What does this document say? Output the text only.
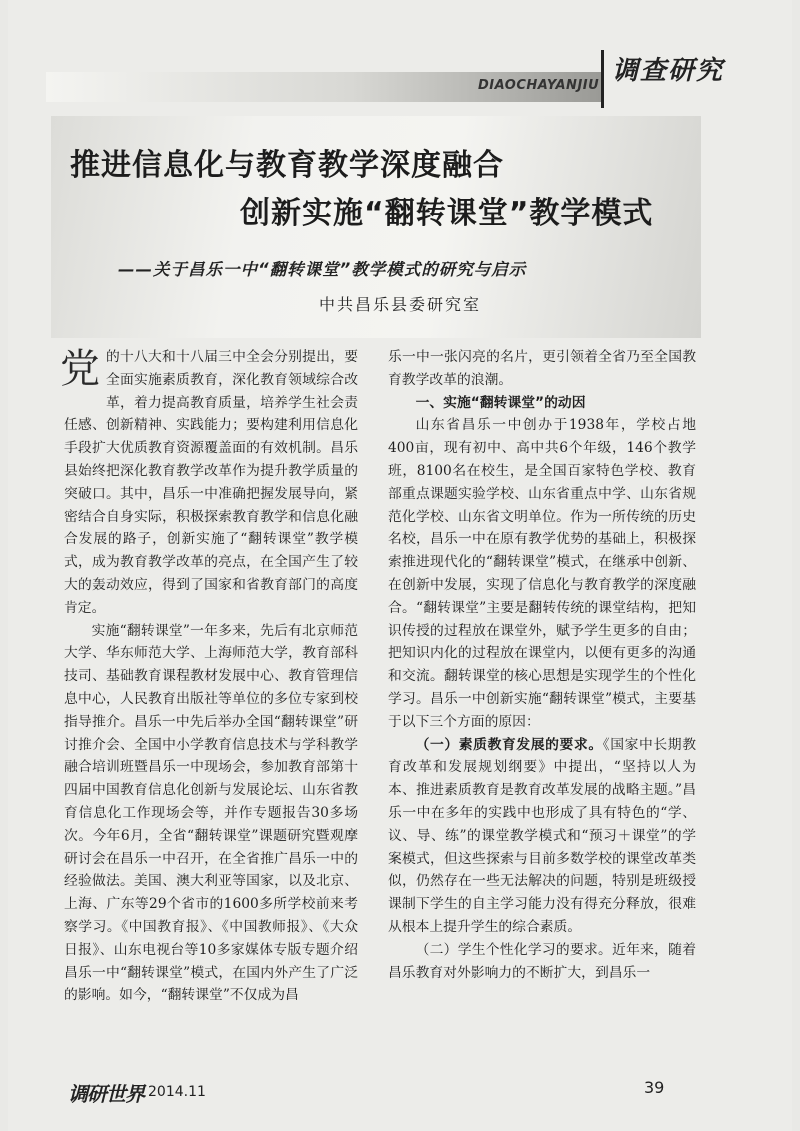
DIAOCHAYANJIU 调查研究
推进信息化与教育教学深度融合
创新实施“翻转课堂”教学模式
——关于昌乐一中“翻转课堂”教学模式的研究与启示
中共昌乐县委研究室

党的十八大和十八届三中全会分别提出，要全面实施素质教育，深化教育领域综合改革，着力提高教育质量，培养学生社会责任感、创新精神、实践能力；要构建利用信息化手段扩大优质教育资源覆盖面的有效机制。昌乐县始终把深化教育教学改革作为提升教学质量的突破口。其中，昌乐一中准确把握发展导向，紧密结合自身实际，积极探索教育教学和信息化融合发展的路子，创新实施了“翻转课堂”教学模式，成为教育教学改革的亮点，在全国产生了较大的轰动效应，得到了国家和省教育部门的高度肯定。

实施“翻转课堂”一年多来，先后有北京师范大学、华东师范大学、上海师范大学，教育部科技司、基础教育课程教材发展中心、教育管理信息中心，人民教育出版社等单位的多位专家到校指导推介。昌乐一中先后举办全国“翻转课堂”研讨推介会、全国中小学教育信息技术与学科教学融合培训班暨昌乐一中现场会，参加教育部第十四届中国教育信息化创新与发展论坛、山东省教育信息化工作现场会等，并作专题报告30多场次。今年6月，全省“翻转课堂”课题研究暨观摩研讨会在昌乐一中召开，在全省推广昌乐一中的经验做法。美国、澳大利亚等国家，以及北京、上海、广东等29个省市的1600多所学校前来考察学习。《中国教育报》、《中国教师报》、《大众日报》、山东电视台等10多家媒体专版专题介绍昌乐一中“翻转课堂”模式，在国内外产生了广泛的影响。如今，“翻转课堂”不仅成为昌

乐一中一张闪亮的名片，更引领着全省乃至全国教育教学改革的浪潮。

一、实施“翻转课堂”的动因

山东省昌乐一中创办于1938年，学校占地400亩，现有初中、高中共6个年级，146个教学班，8100名在校生，是全国百家特色学校、教育部重点课题实验学校、山东省重点中学、山东省规范化学校、山东省文明单位。作为一所传统的历史名校，昌乐一中在原有教学优势的基础上，积极探索推进现代化的“翻转课堂”模式，在继承中创新、在创新中发展，实现了信息化与教育教学的深度融合。“翻转课堂”主要是翻转传统的课堂结构，把知识传授的过程放在课堂外，赋予学生更多的自由；把知识内化的过程放在课堂内，以便有更多的沟通和交流。翻转课堂的核心思想是实现学生的个性化学习。昌乐一中创新实施“翻转课堂”模式，主要基于以下三个方面的原因：

（一）素质教育发展的要求。《国家中长期教育改革和发展规划纲要》中提出，“坚持以人为本、推进素质教育是教育改革发展的战略主题。”昌乐一中在多年的实践中也形成了具有特色的“学、议、导、练”的课堂教学模式和“预习＋课堂”的学案模式，但这些探索与目前多数学校的课堂改革类似，仍然存在一些无法解决的问题，特别是班级授课制下学生的自主学习能力没有得充分释放，很难从根本上提升学生的综合素质。

（二）学生个性化学习的要求。近年来，随着昌乐教育对外影响力的不断扩大，到昌乐一

调研世界 2014.11	39
